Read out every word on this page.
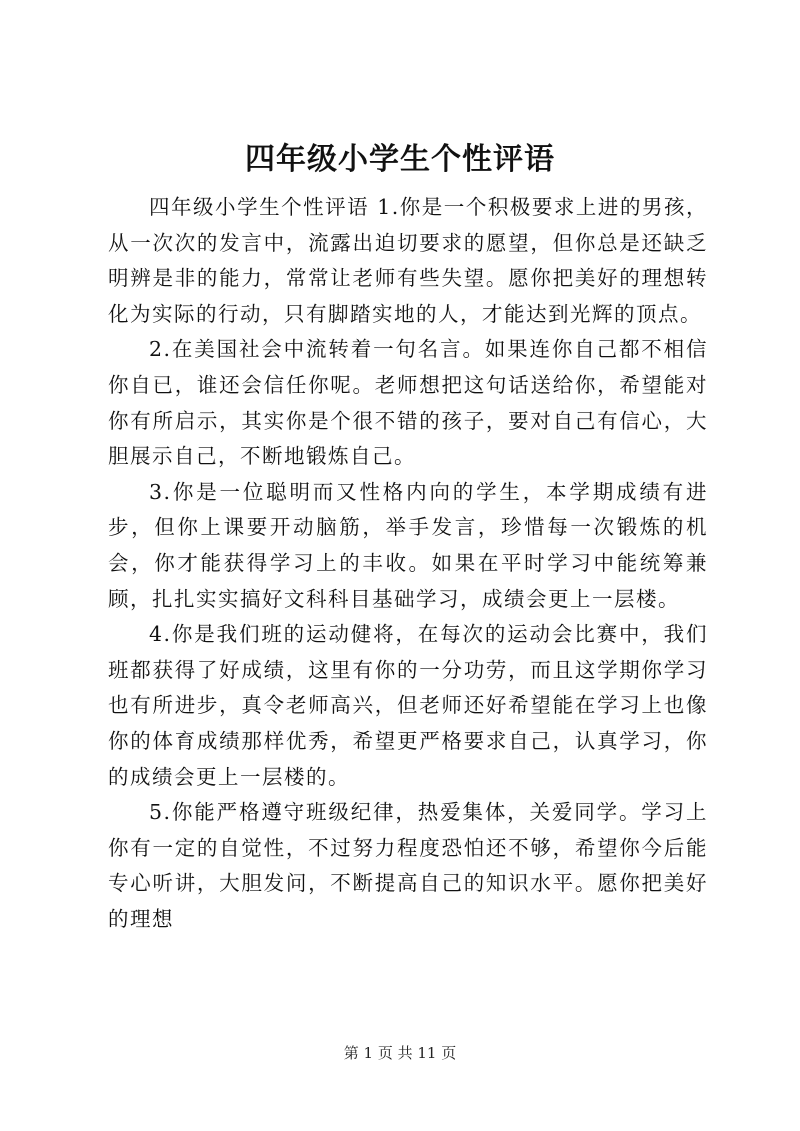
四年级小学生个性评语

四年级小学生个性评语 1.你是一个积极要求上进的男孩，从一次次的发言中，流露出迫切要求的愿望，但你总是还缺乏明辨是非的能力，常常让老师有些失望。愿你把美好的理想转化为实际的行动，只有脚踏实地的人，才能达到光辉的顶点。

2.在美国社会中流转着一句名言。如果连你自己都不相信你自已，谁还会信任你呢。老师想把这句话送给你，希望能对你有所启示，其实你是个很不错的孩子，要对自己有信心，大胆展示自己，不断地锻炼自己。

3.你是一位聪明而又性格内向的学生，本学期成绩有进步，但你上课要开动脑筋，举手发言，珍惜每一次锻炼的机会，你才能获得学习上的丰收。如果在平时学习中能统筹兼顾，扎扎实实搞好文科科目基础学习，成绩会更上一层楼。

4.你是我们班的运动健将，在每次的运动会比赛中，我们班都获得了好成绩，这里有你的一分功劳，而且这学期你学习也有所进步，真令老师高兴，但老师还好希望能在学习上也像你的体育成绩那样优秀，希望更严格要求自己，认真学习，你的成绩会更上一层楼的。

5.你能严格遵守班级纪律，热爱集体，关爱同学。学习上你有一定的自觉性，不过努力程度恐怕还不够，希望你今后能专心听讲，大胆发问，不断提高自己的知识水平。愿你把美好的理想

第 1 页 共 11 页
